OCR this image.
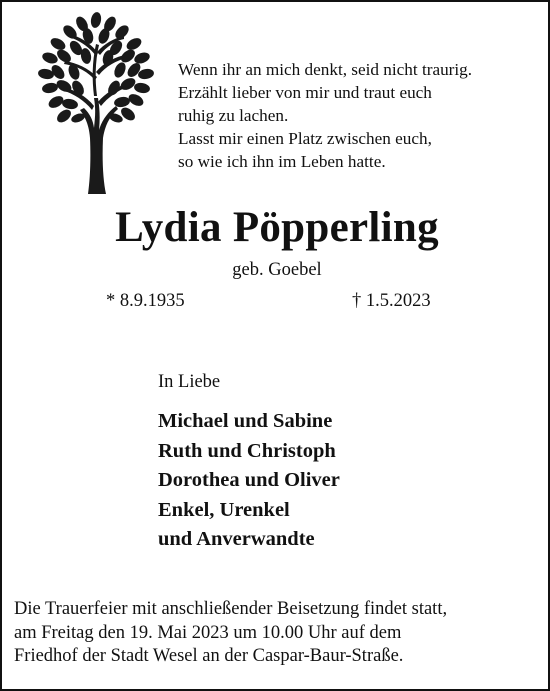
Wenn ihr an mich denkt, seid nicht traurig.
Erzählt lieber von mir und traut euch
ruhig zu lachen.
Lasst mir einen Platz zwischen euch,
so wie ich ihn im Leben hatte.
Lydia Pöpperling
geb. Goebel
* 8.9.1935	† 1.5.2023
In Liebe
Michael und Sabine
Ruth und Christoph
Dorothea und Oliver
Enkel, Urenkel
und Anverwandte
Die Trauerfeier mit anschließender Beisetzung findet statt,
am Freitag den 19. Mai 2023 um 10.00 Uhr auf dem
Friedhof der Stadt Wesel an der Caspar-Baur-Straße.
